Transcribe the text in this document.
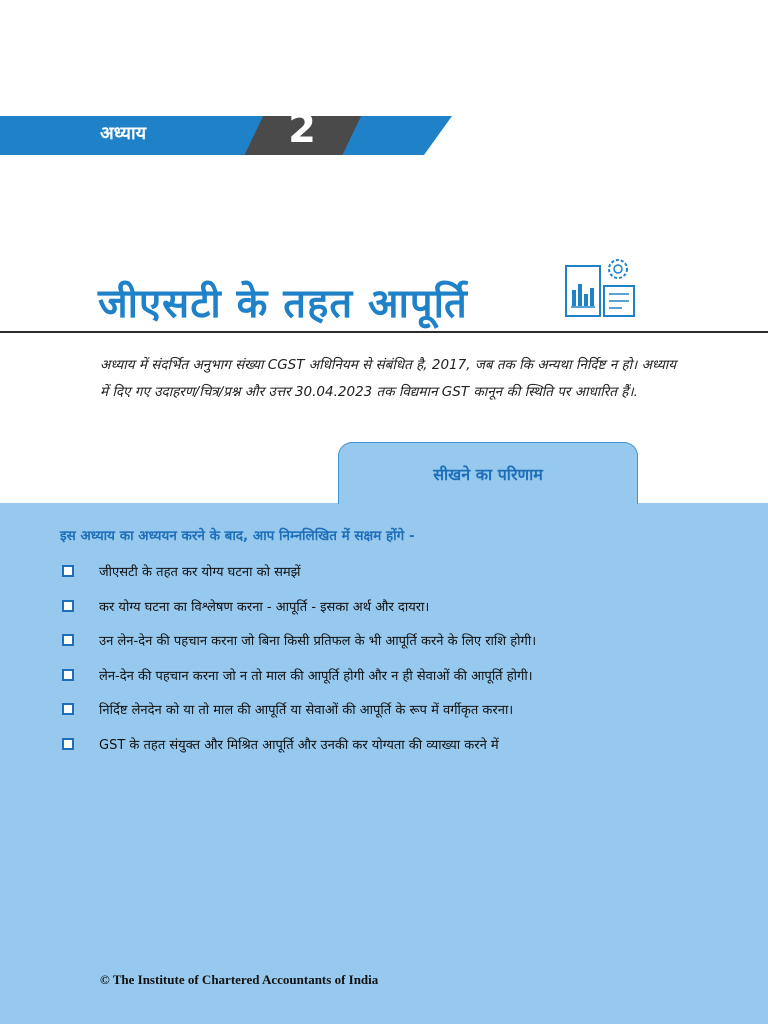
अध्याय	2
जीएसटी के तहत आपूर्ति
अध्याय में संदर्भित अनुभाग संख्या CGST अधिनियम से संबंधित है, 2017, जब तक कि अन्यथा निर्दिष्ट न हो। अध्याय में दिए गए उदाहरण/चित्र/प्रश्न और उत्तर 30.04.2023 तक विद्यमान GST कानून की स्थिति पर आधारित हैं।.
सीखने का परिणाम
इस अध्याय का अध्ययन करने के बाद, आप निम्नलिखित में सक्षम होंगे -
जीएसटी के तहत कर योग्य घटना को समझें
कर योग्य घटना का विश्लेषण करना - आपूर्ति - इसका अर्थ और दायरा।
उन लेन-देन की पहचान करना जो बिना किसी प्रतिफल के भी आपूर्ति करने के लिए राशि होगी।
लेन-देन की पहचान करना जो न तो माल की आपूर्ति होगी और न ही सेवाओं की आपूर्ति होगी।
निर्दिष्ट लेनदेन को या तो माल की आपूर्ति या सेवाओं की आपूर्ति के रूप में वर्गीकृत करना।
GST के तहत संयुक्त और मिश्रित आपूर्ति और उनकी कर योग्यता की व्याख्या करने में
© The Institute of Chartered Accountants of India
